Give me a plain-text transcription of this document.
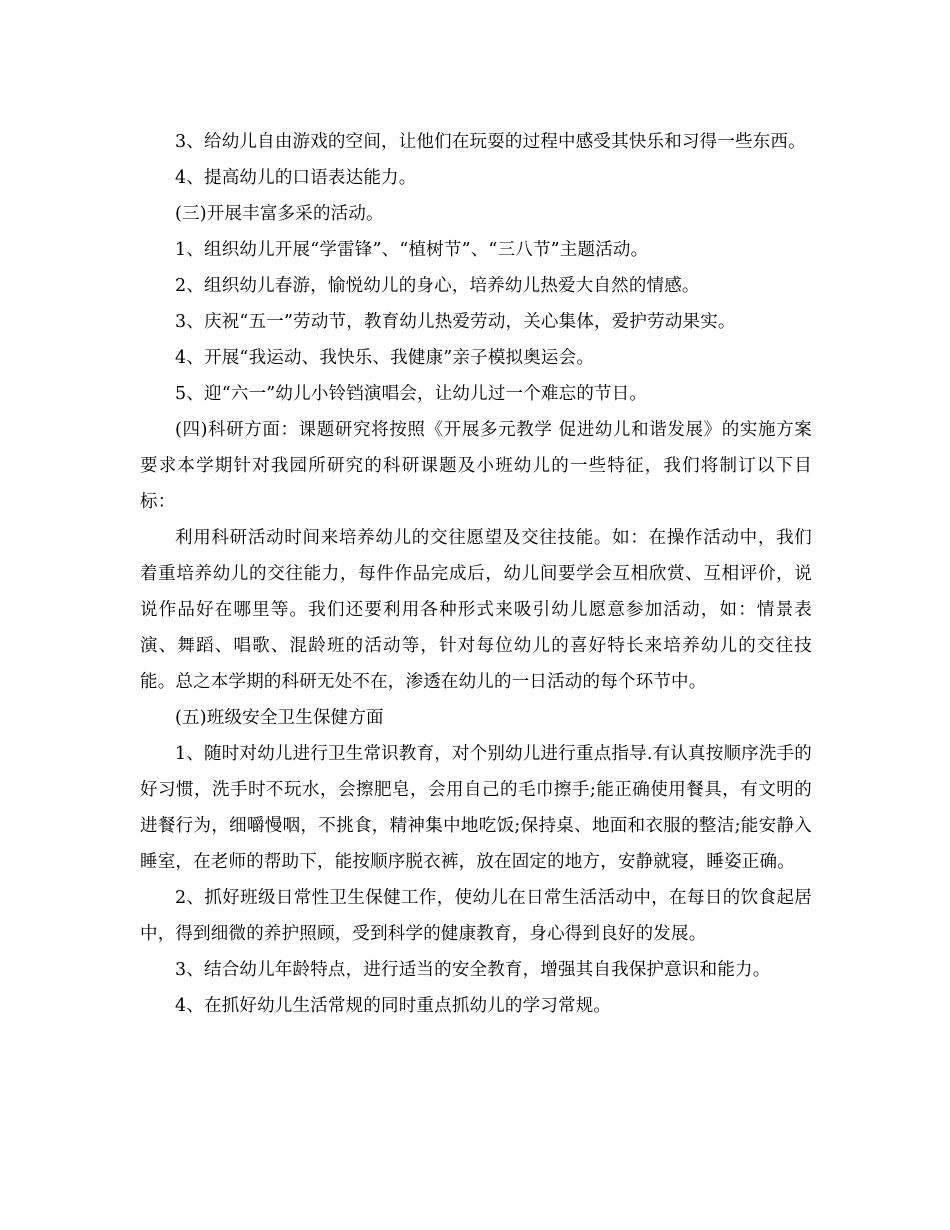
3、给幼儿自由游戏的空间，让他们在玩耍的过程中感受其快乐和习得一些东西。

4、提高幼儿的口语表达能力。

(三)开展丰富多采的活动。

1、组织幼儿开展“学雷锋”、“植树节”、“三八节”主题活动。

2、组织幼儿春游，愉悦幼儿的身心，培养幼儿热爱大自然的情感。

3、庆祝“五一”劳动节，教育幼儿热爱劳动，关心集体，爱护劳动果实。

4、开展“我运动、我快乐、我健康”亲子模拟奥运会。

5、迎“六一”幼儿小铃铛演唱会，让幼儿过一个难忘的节日。

(四)科研方面：课题研究将按照《开展多元教学 促进幼儿和谐发展》的实施方案要求本学期针对我园所研究的科研课题及小班幼儿的一些特征，我们将制订以下目标：

利用科研活动时间来培养幼儿的交往愿望及交往技能。如：在操作活动中，我们着重培养幼儿的交往能力，每件作品完成后，幼儿间要学会互相欣赏、互相评价，说说作品好在哪里等。我们还要利用各种形式来吸引幼儿愿意参加活动，如：情景表演、舞蹈、唱歌、混龄班的活动等，针对每位幼儿的喜好特长来培养幼儿的交往技能。总之本学期的科研无处不在，渗透在幼儿的一日活动的每个环节中。

(五)班级安全卫生保健方面

1、随时对幼儿进行卫生常识教育，对个别幼儿进行重点指导.有认真按顺序洗手的好习惯，洗手时不玩水，会擦肥皂，会用自己的毛巾擦手;能正确使用餐具，有文明的进餐行为，细嚼慢咽，不挑食，精神集中地吃饭;保持桌、地面和衣服的整洁;能安静入睡室，在老师的帮助下，能按顺序脱衣裤，放在固定的地方，安静就寝，睡姿正确。

2、抓好班级日常性卫生保健工作，使幼儿在日常生活活动中，在每日的饮食起居中，得到细微的养护照顾，受到科学的健康教育，身心得到良好的发展。

3、结合幼儿年龄特点，进行适当的安全教育，增强其自我保护意识和能力。

4、在抓好幼儿生活常规的同时重点抓幼儿的学习常规。
